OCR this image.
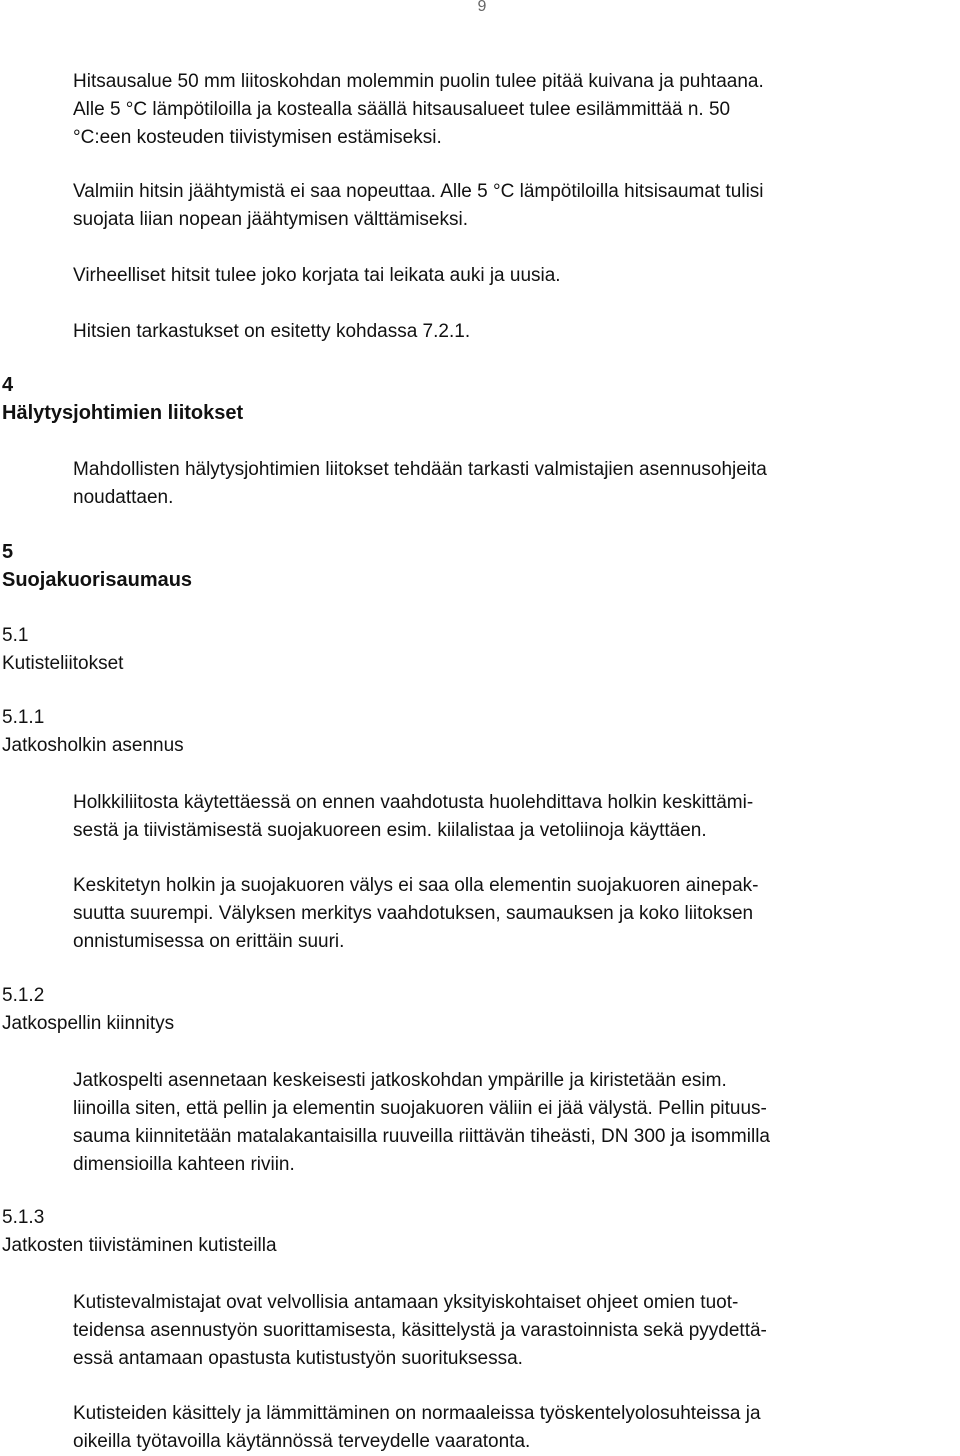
9

Hitsausalue 50 mm liitoskohdan molemmin puolin tulee pitää kuivana ja puhtaana.
Alle 5 °C lämpötiloilla ja kostealla säällä hitsausalueet tulee esilämmittää n. 50
°C:een kosteuden tiivistymisen estämiseksi.

Valmiin hitsin jäähtymistä ei saa nopeuttaa. Alle 5 °C lämpötiloilla hitsisaumat tulisi
suojata liian nopean jäähtymisen välttämiseksi.

Virheelliset hitsit tulee joko korjata tai leikata auki ja uusia.

Hitsien tarkastukset on esitetty kohdassa 7.2.1.

4
Hälytysjohtimien liitokset

Mahdollisten hälytysjohtimien liitokset tehdään tarkasti valmistajien asennusohjeita
noudattaen.

5
Suojakuorisaumaus
5.1
Kutisteliitokset
5.1.1
Jatkosholkin asennus

Holkkiliitosta käytettäessä on ennen vaahdotusta huolehdittava holkin keskittämi-
sestä ja tiivistämisestä suojakuoreen esim. kiilalistaa ja vetoliinoja käyttäen.

Keskitetyn holkin ja suojakuoren välys ei saa olla elementin suojakuoren ainepak-
suutta suurempi. Välyksen merkitys vaahdotuksen, saumauksen ja koko liitoksen
onnistumisessa on erittäin suuri.

5.1.2
Jatkospellin kiinnitys

Jatkospelti asennetaan keskeisesti jatkoskohdan ympärille ja kiristetään esim.
liinoilla siten, että pellin ja elementin suojakuoren väliin ei jää välystä. Pellin pituus-
sauma kiinnitetään matalakantaisilla ruuveilla riittävän tiheästi, DN 300 ja isommilla
dimensioilla kahteen riviin.

5.1.3
Jatkosten tiivistäminen kutisteilla

Kutistevalmistajat ovat velvollisia antamaan yksityiskohtaiset ohjeet omien tuot-
teidensa asennustyön suorittamisesta, käsittelystä ja varastoinnista sekä pyydettä-
essä antamaan opastusta kutistustyön suorituksessa.

Kutisteiden käsittely ja lämmittäminen on normaaleissa työskentelyolosuhteissa ja
oikeilla työtavoilla käytännössä terveydelle vaaratonta.
